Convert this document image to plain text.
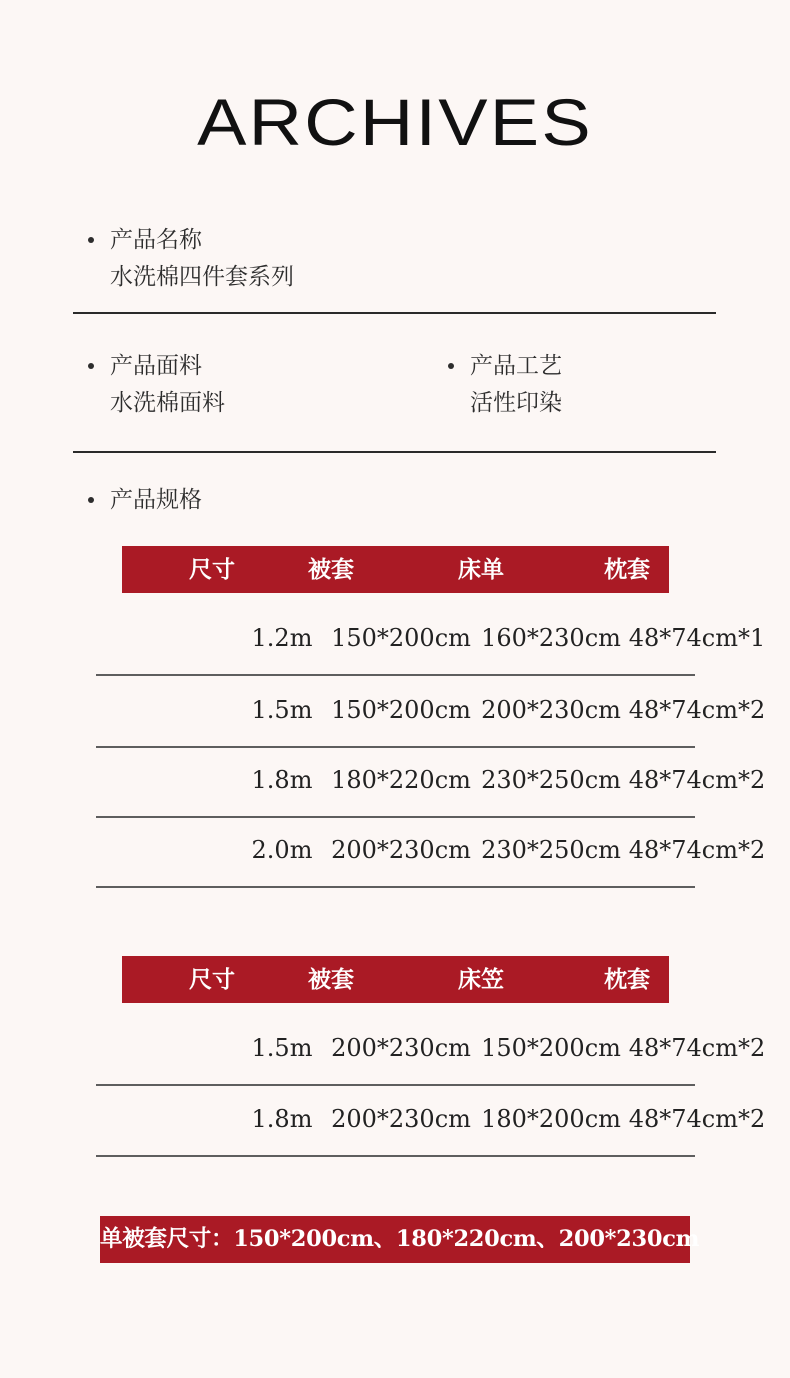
ARCHIVES
产品名称
水洗棉四件套系列
产品面料
水洗棉面料
产品工艺
活性印染
产品规格
尺寸	被套	床单	枕套
1.2m 150*200cm 160*230cm 48*74cm*1
1.5m 150*200cm 200*230cm 48*74cm*2
1.8m 180*220cm 230*250cm 48*74cm*2
2.0m 200*230cm 230*250cm 48*74cm*2
尺寸	被套	床笠	枕套
1.5m 200*230cm 150*200cm 48*74cm*2
1.8m 200*230cm 180*200cm 48*74cm*2
单被套尺寸：150*200cm、180*220cm、200*230cm
